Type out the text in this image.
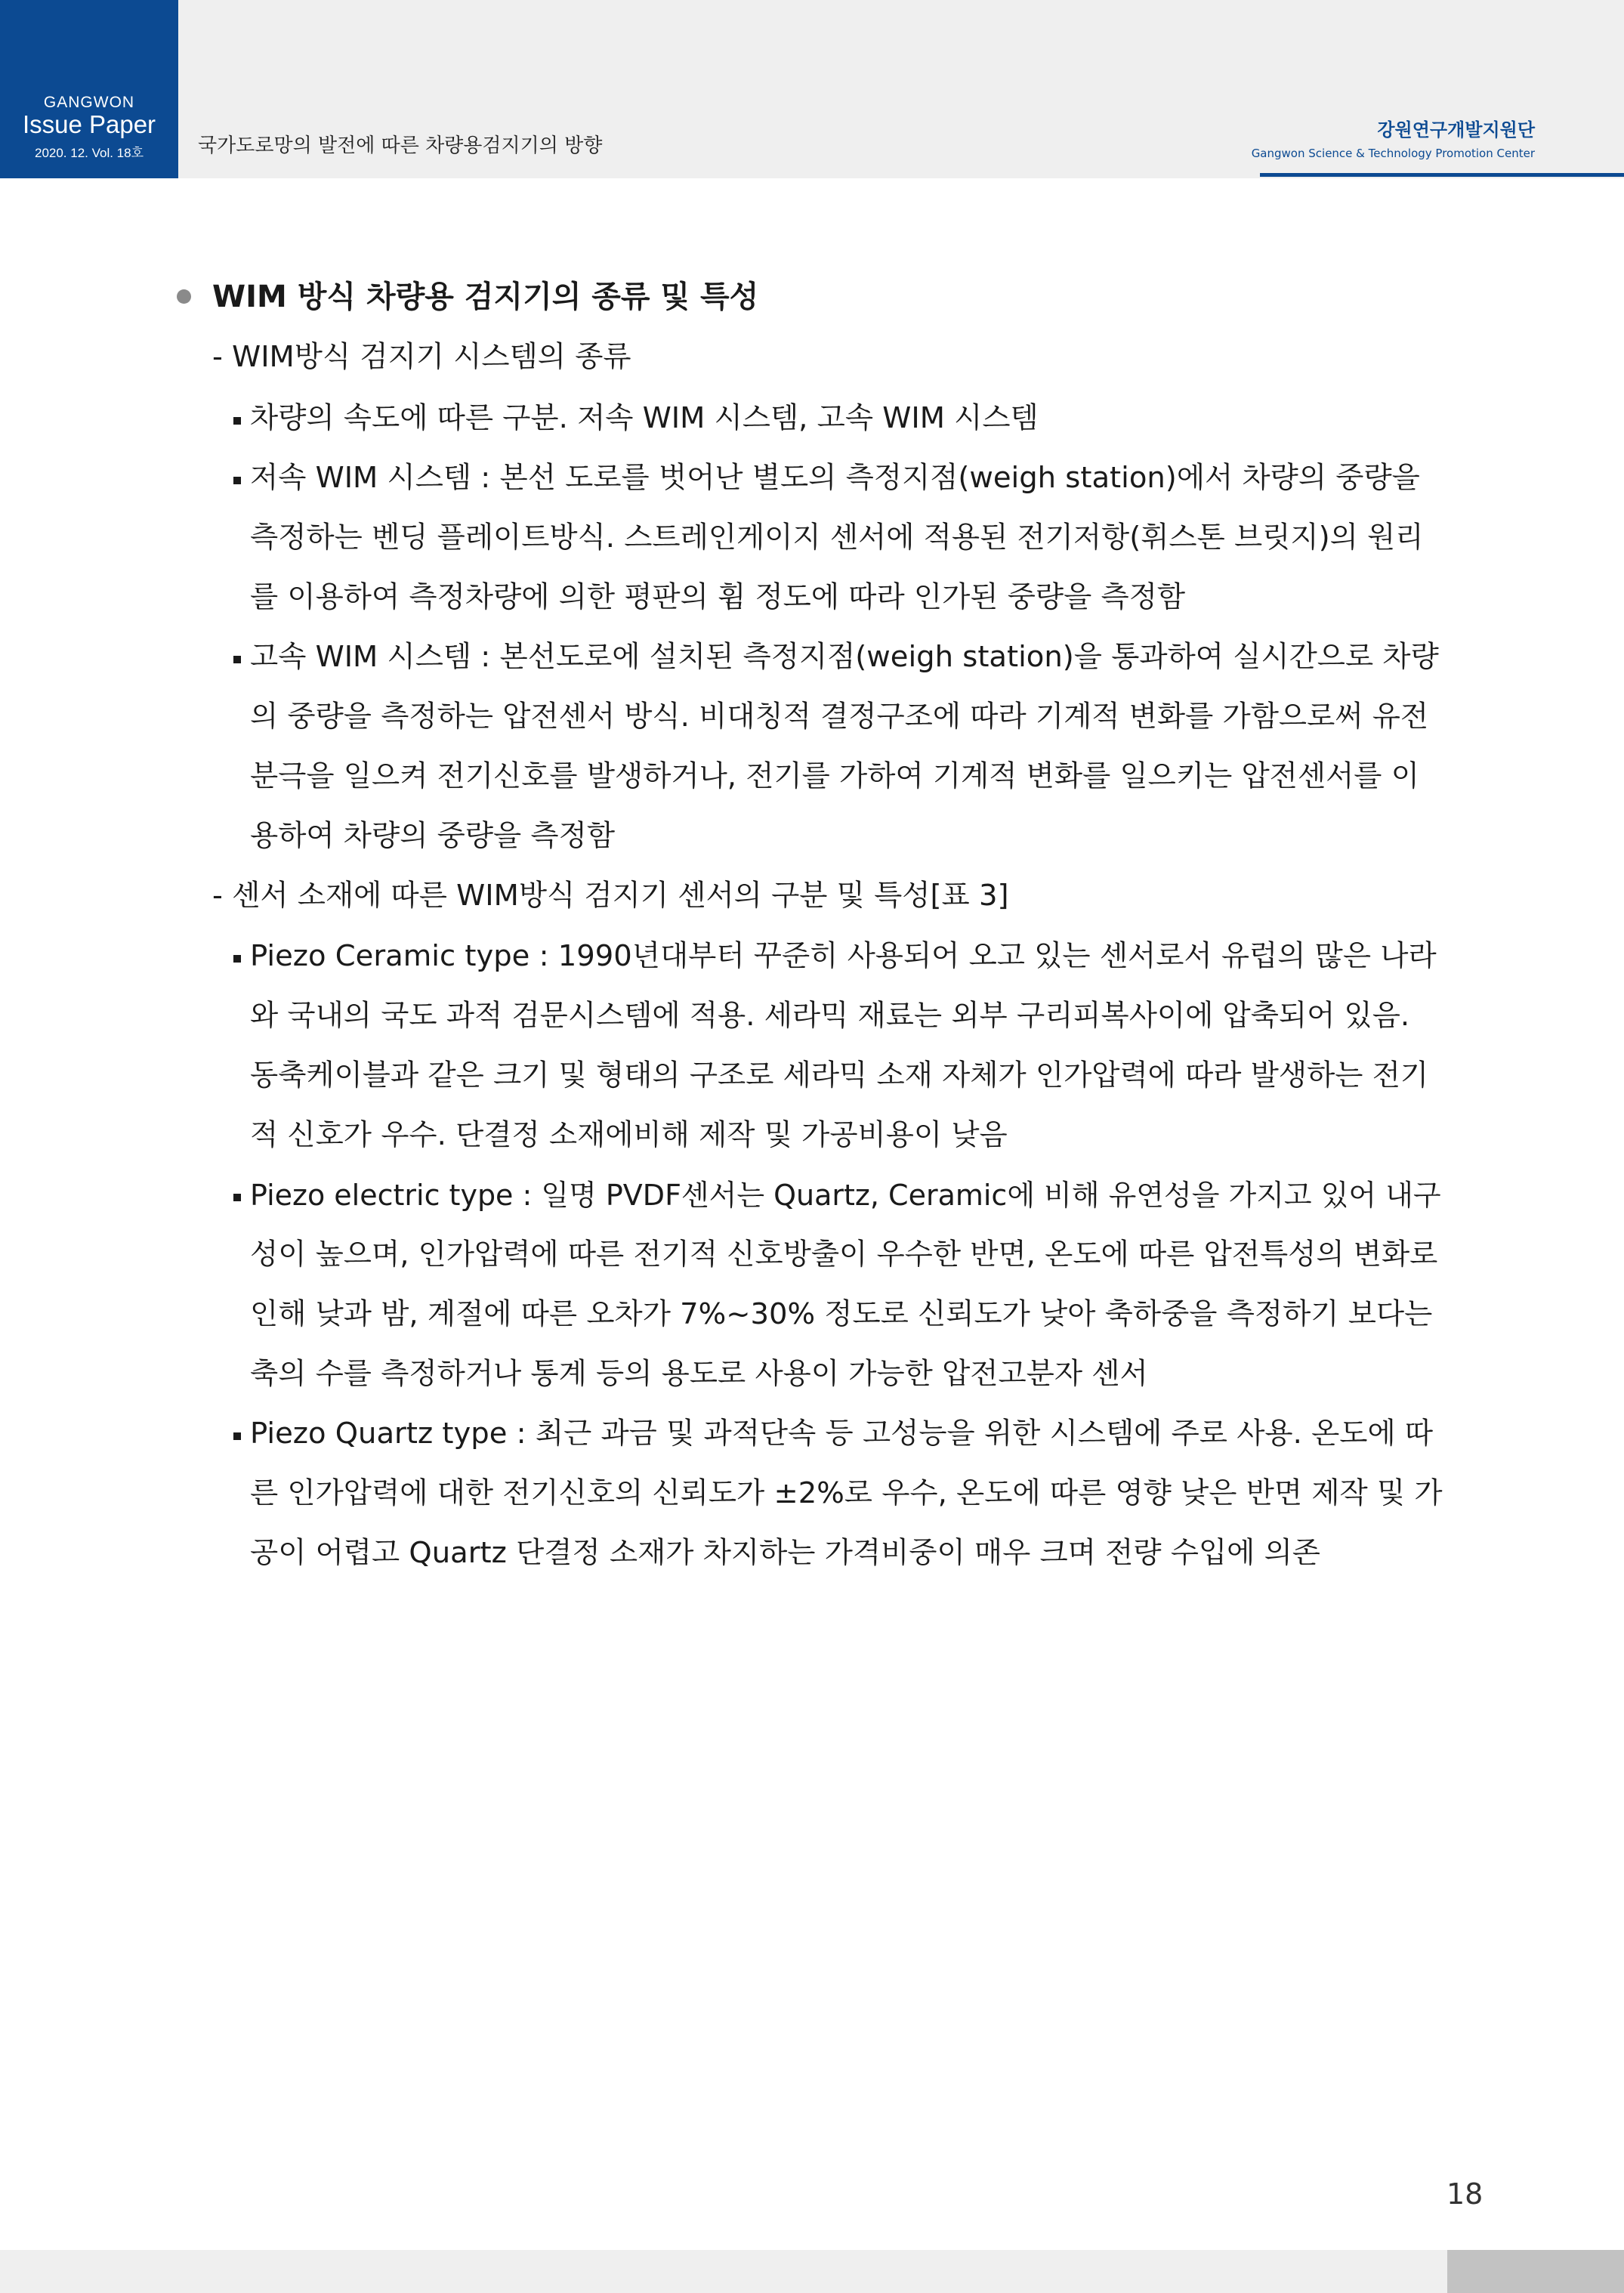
GANGWON
Issue Paper
2020. 12. Vol. 18호	국가도로망의 발전에 따른 차량용검지기의 방향
강원연구개발지원단
Gangwon Science & Technology Promotion Center
WIM 방식 차량용 검지기의 종류 및 특성
- WIM방식 검지기 시스템의 종류
차량의 속도에 따른 구분. 저속 WIM 시스템, 고속 WIM 시스템
저속 WIM 시스템 : 본선 도로를 벗어난 별도의 측정지점(weigh station)에서 차량의 중량을
측정하는 벤딩 플레이트방식. 스트레인게이지 센서에 적용된 전기저항(휘스톤 브릿지)의 원리
를 이용하여 측정차량에 의한 평판의 휨 정도에 따라 인가된 중량을 측정함
고속 WIM 시스템 : 본선도로에 설치된 측정지점(weigh station)을 통과하여 실시간으로 차량
의 중량을 측정하는 압전센서 방식. 비대칭적 결정구조에 따라 기계적 변화를 가함으로써 유전
분극을 일으켜 전기신호를 발생하거나, 전기를 가하여 기계적 변화를 일으키는 압전센서를 이
용하여 차량의 중량을 측정함
- 센서 소재에 따른 WIM방식 검지기 센서의 구분 및 특성[표 3]
Piezo Ceramic type : 1990년대부터 꾸준히 사용되어 오고 있는 센서로서 유럽의 많은 나라
와 국내의 국도 과적 검문시스템에 적용. 세라믹 재료는 외부 구리피복사이에 압축되어 있음.
동축케이블과 같은 크기 및 형태의 구조로 세라믹 소재 자체가 인가압력에 따라 발생하는 전기
적 신호가 우수. 단결정 소재에비해 제작 및 가공비용이 낮음
Piezo electric type : 일명 PVDF센서는 Quartz, Ceramic에 비해 유연성을 가지고 있어 내구
성이 높으며, 인가압력에 따른 전기적 신호방출이 우수한 반면, 온도에 따른 압전특성의 변화로
인해 낮과 밤, 계절에 따른 오차가 7%~30% 정도로 신뢰도가 낮아 축하중을 측정하기 보다는
축의 수를 측정하거나 통계 등의 용도로 사용이 가능한 압전고분자 센서
Piezo Quartz type : 최근 과금 및 과적단속 등 고성능을 위한 시스템에 주로 사용. 온도에 따
른 인가압력에 대한 전기신호의 신뢰도가 ±2%로 우수, 온도에 따른 영향 낮은 반면 제작 및 가
공이 어렵고 Quartz 단결정 소재가 차지하는 가격비중이 매우 크며 전량 수입에 의존
18
